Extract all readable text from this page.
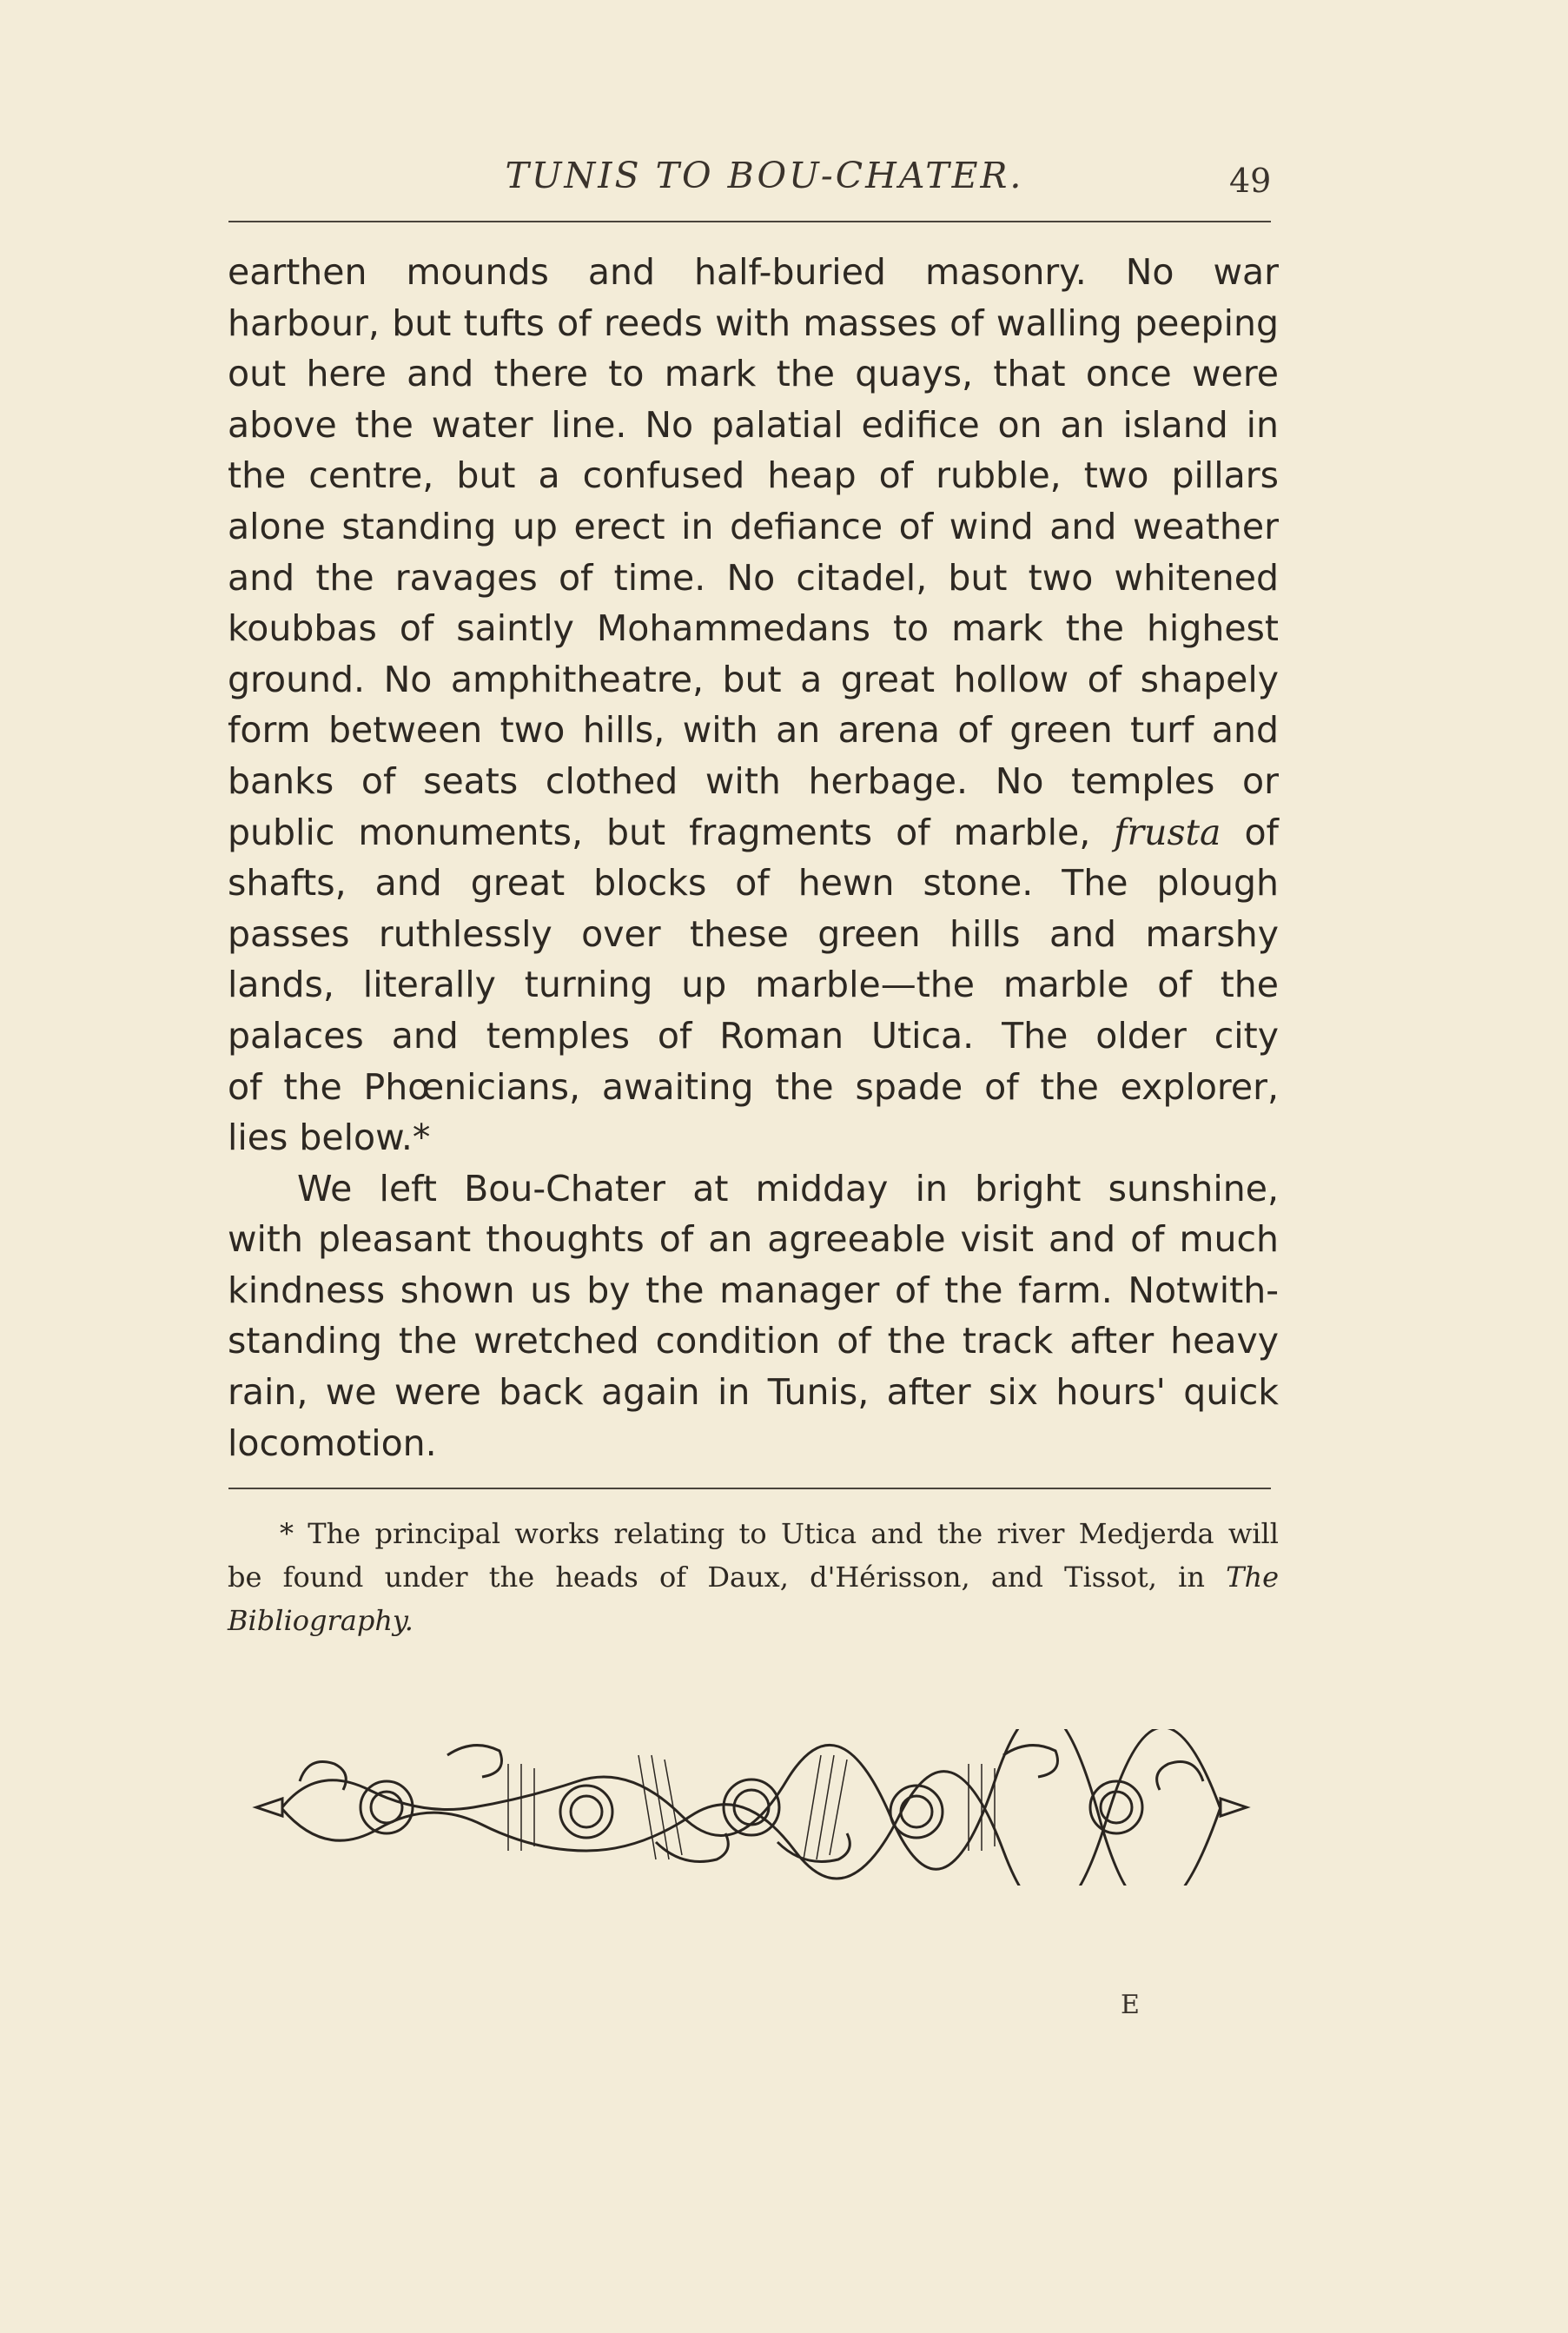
TUNIS TO BOU-CHATER.	49
earthen mounds and half-buried masonry. No war
harbour, but tufts of reeds with masses of walling peeping
out here and there to mark the quays, that once were
above the water line. No palatial edifice on an island in
the centre, but a confused heap of rubble, two pillars
alone standing up erect in defiance of wind and weather
and the ravages of time. No citadel, but two whitened
koubbas of saintly Mohammedans to mark the highest
ground. No amphitheatre, but a great hollow of shapely
form between two hills, with an arena of green turf and
banks of seats clothed with herbage. No temples or
public monuments, but fragments of marble, frusta of
shafts, and great blocks of hewn stone. The plough
passes ruthlessly over these green hills and marshy
lands, literally turning up marble—the marble of the
palaces and temples of Roman Utica. The older city
of the Phœnicians, awaiting the spade of the explorer,
lies below.*
We left Bou-Chater at midday in bright sunshine,
with pleasant thoughts of an agreeable visit and of much
kindness shown us by the manager of the farm. Notwith-
standing the wretched condition of the track after heavy
rain, we were back again in Tunis, after six hours' quick
locomotion.
* The principal works relating to Utica and the river Medjerda will
be found under the heads of Daux, d'Hérisson, and Tissot, in The
Bibliography.
E
